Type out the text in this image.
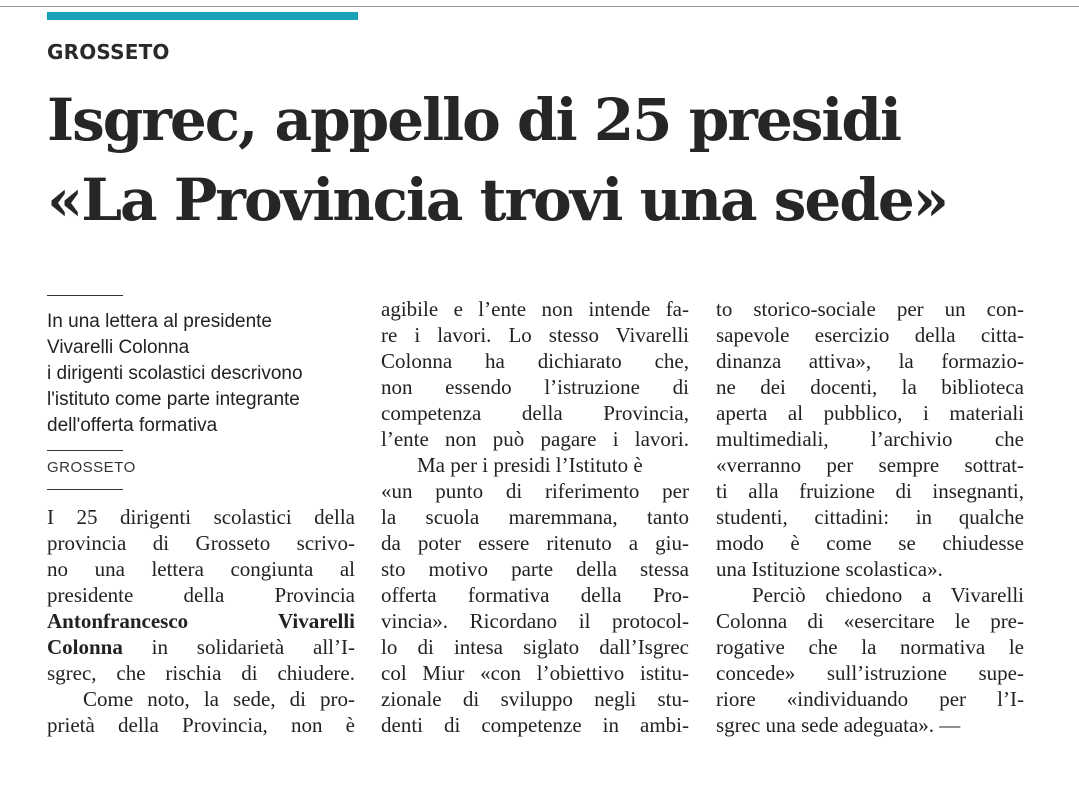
GROSSETO
Isgrec, appello di 25 presidi
«La Provincia trovi una sede»
In una lettera al presidente
Vivarelli Colonna
i dirigenti scolastici descrivono
l'istituto come parte integrante
dell'offerta formativa
GROSSETO
I 25 dirigenti scolastici della
provincia di Grosseto scrivo-
no una lettera congiunta al
presidente della Provincia
Antonfrancesco Vivarelli
Colonna in solidarietà all’I-
sgrec, che rischia di chiudere.
Come noto, la sede, di pro-
prietà della Provincia, non è
agibile e l’ente non intende fa-
re i lavori. Lo stesso Vivarelli
Colonna ha dichiarato che,
non essendo l’istruzione di
competenza della Provincia,
l’ente non può pagare i lavori.
Ma per i presidi l’Istituto è
«un punto di riferimento per
la scuola maremmana, tanto
da poter essere ritenuto a giu-
sto motivo parte della stessa
offerta formativa della Pro-
vincia». Ricordano il protocol-
lo di intesa siglato dall’Isgrec
col Miur «con l’obiettivo istitu-
zionale di sviluppo negli stu-
denti di competenze in ambi-
to storico-sociale per un con-
sapevole esercizio della citta-
dinanza attiva», la formazio-
ne dei docenti, la biblioteca
aperta al pubblico, i materiali
multimediali, l’archivio che
«verranno per sempre sottrat-
ti alla fruizione di insegnanti,
studenti, cittadini: in qualche
modo è come se chiudesse
una Istituzione scolastica».
Perciò chiedono a Vivarelli
Colonna di «esercitare le pre-
rogative che la normativa le
concede» sull’istruzione supe-
riore «individuando per l’I-
sgrec una sede adeguata». —
